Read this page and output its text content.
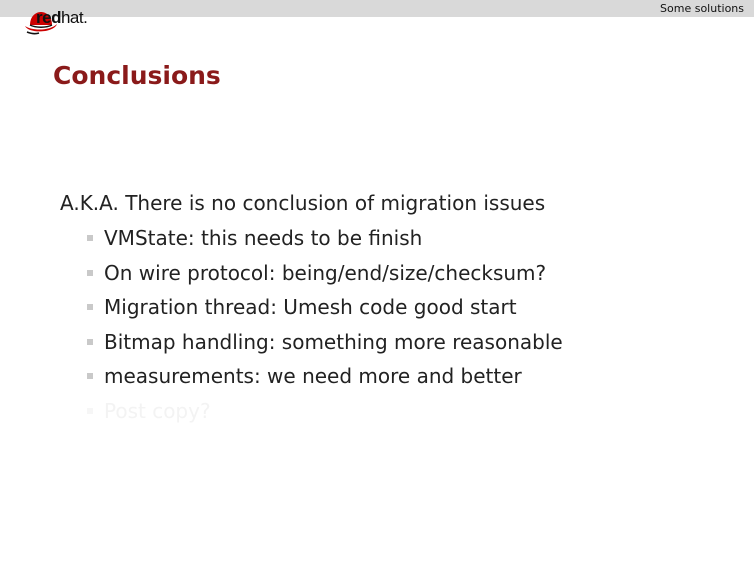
Some solutions
redhat.
Conclusions
A.K.A. There is no conclusion of migration issues
VMState: this needs to be finish
On wire protocol: being/end/size/checksum?
Migration thread: Umesh code good start
Bitmap handling: something more reasonable
measurements: we need more and better
Post copy?
